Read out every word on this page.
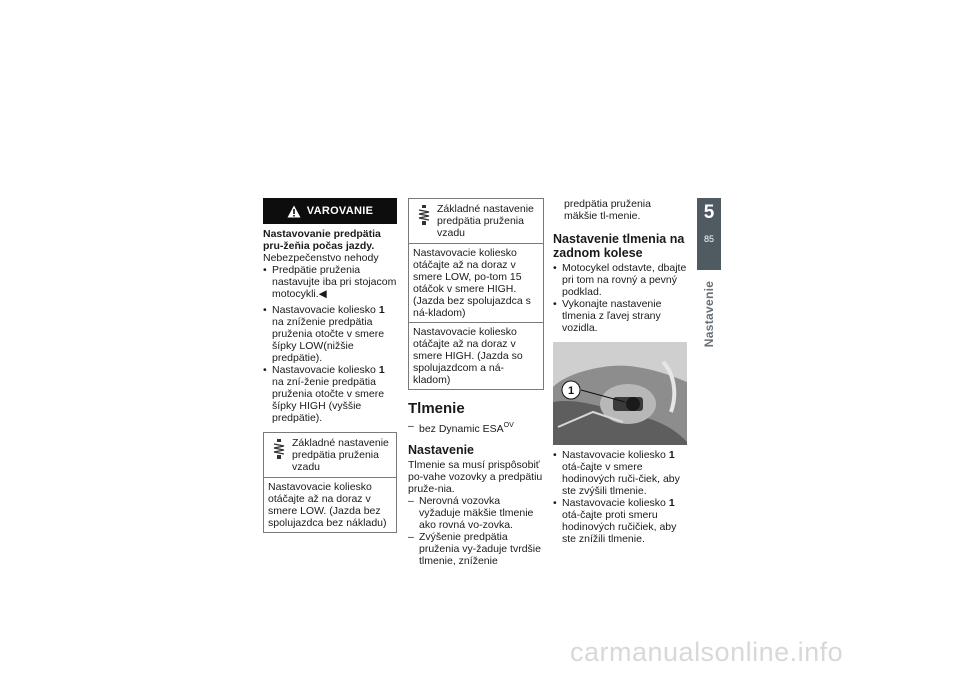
VAROVANIE

Nastavovanie predpätia pru-žeňia počas jazdy.

Nebezpečenstvo nehody

• Predpätie pruženia nastavujte iba pri stojacom motocykli.◀
• Nastavovacie koliesko 1 na zníženie predpätia pruženia otočte v smere šípky LOW(nižšie predpätie).
• Nastavovacie koliesko 1 na zní-ženie predpätia pruženia otočte v smere šípky HIGH (vyššie predpätie).
Základné nastavenie predpätia pruženia vzadu
Nastavovacie koliesko otáčajte až na doraz v smere LOW. (Jazda bez spolujazdca bez nákladu)
Základné nastavenie predpätia pruženia vzadu
Nastavovacie koliesko otáčajte až na doraz v smere LOW, po-tom 15 otáčok v smere HIGH. (Jazda bez spolujazdca s ná-kladom)
Nastavovacie koliesko otáčajte až na doraz v smere HIGH. (Jazda so spolujazdcom a ná-kladom)
Tlmenie
– bez Dynamic $ESA^{OV}$
Nastavenie

Tlmenie sa musí prispôsobiť po-vahe vozovky a predpätiu pruže-nia.

– Nerovná vozovka vyžaduje mäkšie tlmenie ako rovná vo-zovka.
– Zvýšenie predpätia pruženia vy-žaduje tvrdšie tlmenie, zníženie

predpätia pruženia mäkšie tl-menie.

Nastavenie tlmenia na zadnom kolese
• Motocykel odstavte, dbajte pri tom na rovný a pevný podklad.
• Vykonajte nastavenie tlmenia z ľavej strany vozidla.
1
• Nastavovacie koliesko 1 otá-čajte v smere hodinových ruči-čiek, aby ste zvýšili tlmenie.
• Nastavovacie koliesko 1 otá-čajte proti smeru hodinových ručičiek, aby ste znížili tlmenie.
5
85
Nastavenie
carmanualsonline.info
